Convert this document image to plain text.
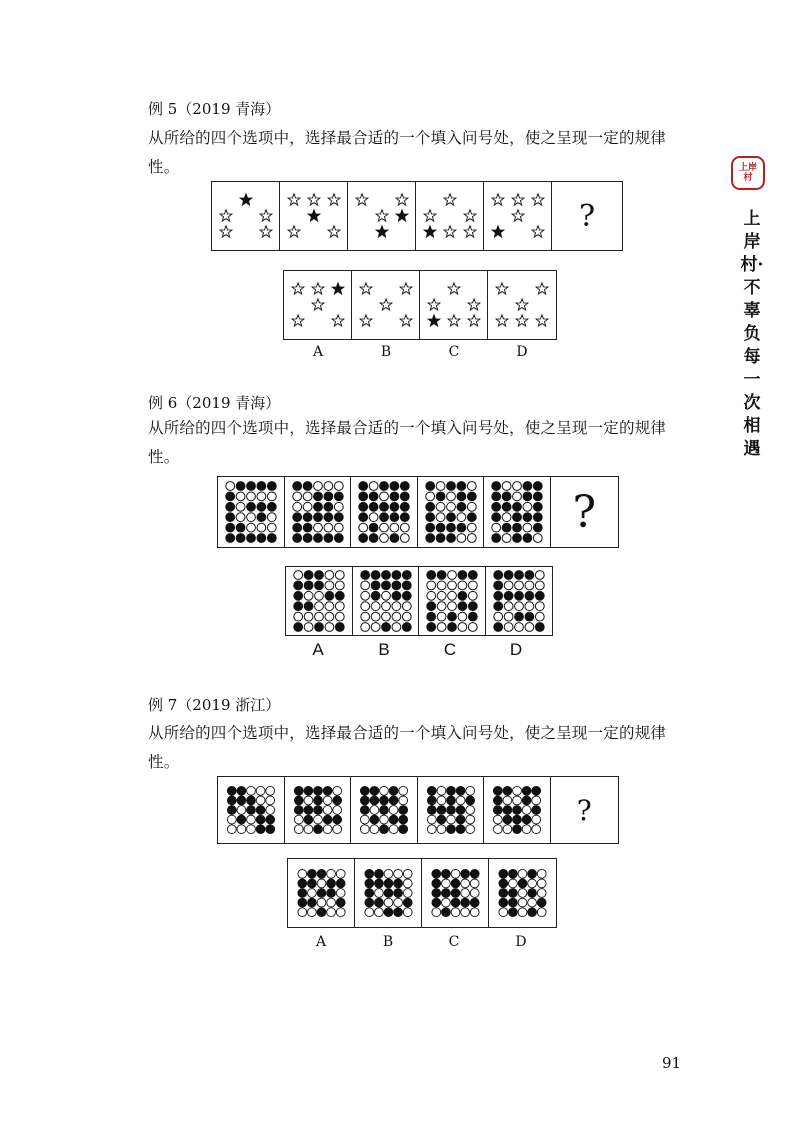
上岸
村
上岸村·不辜负每一次相遇
例 5（2019 青海）
从所给的四个选项中，选择最合适的一个填入问号处，使之呈现一定的规律性。
?
A	B	C	D
例 6（2019 青海）
从所给的四个选项中，选择最合适的一个填入问号处，使之呈现一定的规律性。
?
A	B	C	D
例 7（2019 浙江）
从所给的四个选项中，选择最合适的一个填入问号处，使之呈现一定的规律性。
?
A	B	C	D
91
